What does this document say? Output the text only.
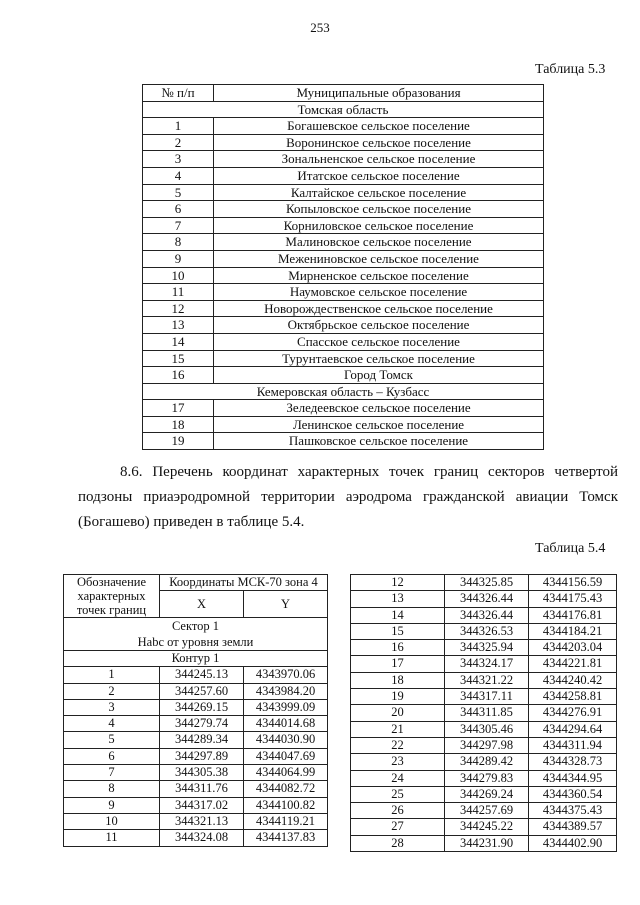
253
Таблица 5.3
№ п/п	Муниципальные образования
Томская область	
1	Богашевское сельское поселение
2	Воронинское сельское поселение
3	Зональненское сельское поселение
4	Итатское сельское поселение
5	Калтайское сельское поселение
6	Копыловское сельское поселение
7	Корниловское сельское поселение
8	Малиновское сельское поселение
9	Межениновское сельское поселение
10	Мирненское сельское поселение
11	Наумовское сельское поселение
12	Новорождественское сельское поселение
13	Октябрьское сельское поселение
14	Спасское сельское поселение
15	Турунтаевское сельское поселение
16	Город Томск
Кемеровская область – Кузбасс	
17	Зеледеевское сельское поселение
18	Ленинское сельское поселение
19	Пашковское сельское поселение

8.6. Перечень координат характерных точек границ секторов четвертой подзоны приаэродромной территории аэродрома гражданской авиации Томск (Богашево) приведен в таблице 5.4.

Таблица 5.4
Обозначение характерных точек границ	Координаты МСК-70 зона 4	
	X	Y

Сектор 1
Нabc от уровня земли		
Контур 1		
1	344245.13	4343970.06
2	344257.60	4343984.20
3	344269.15	4343999.09
4	344279.74	4344014.68
5	344289.34	4344030.90
6	344297.89	4344047.69
7	344305.38	4344064.99
8	344311.76	4344082.72
9	344317.02	4344100.82
10	344321.13	4344119.21
11	344324.08	4344137.83
12	344325.85	4344156.59
13	344326.44	4344175.43
14	344326.44	4344176.81
15	344326.53	4344184.21
16	344325.94	4344203.04
17	344324.17	4344221.81
18	344321.22	4344240.42
19	344317.11	4344258.81
20	344311.85	4344276.91
21	344305.46	4344294.64
22	344297.98	4344311.94
23	344289.42	4344328.73
24	344279.83	4344344.95
25	344269.24	4344360.54
26	344257.69	4344375.43
27	344245.22	4344389.57
28	344231.90	4344402.90
